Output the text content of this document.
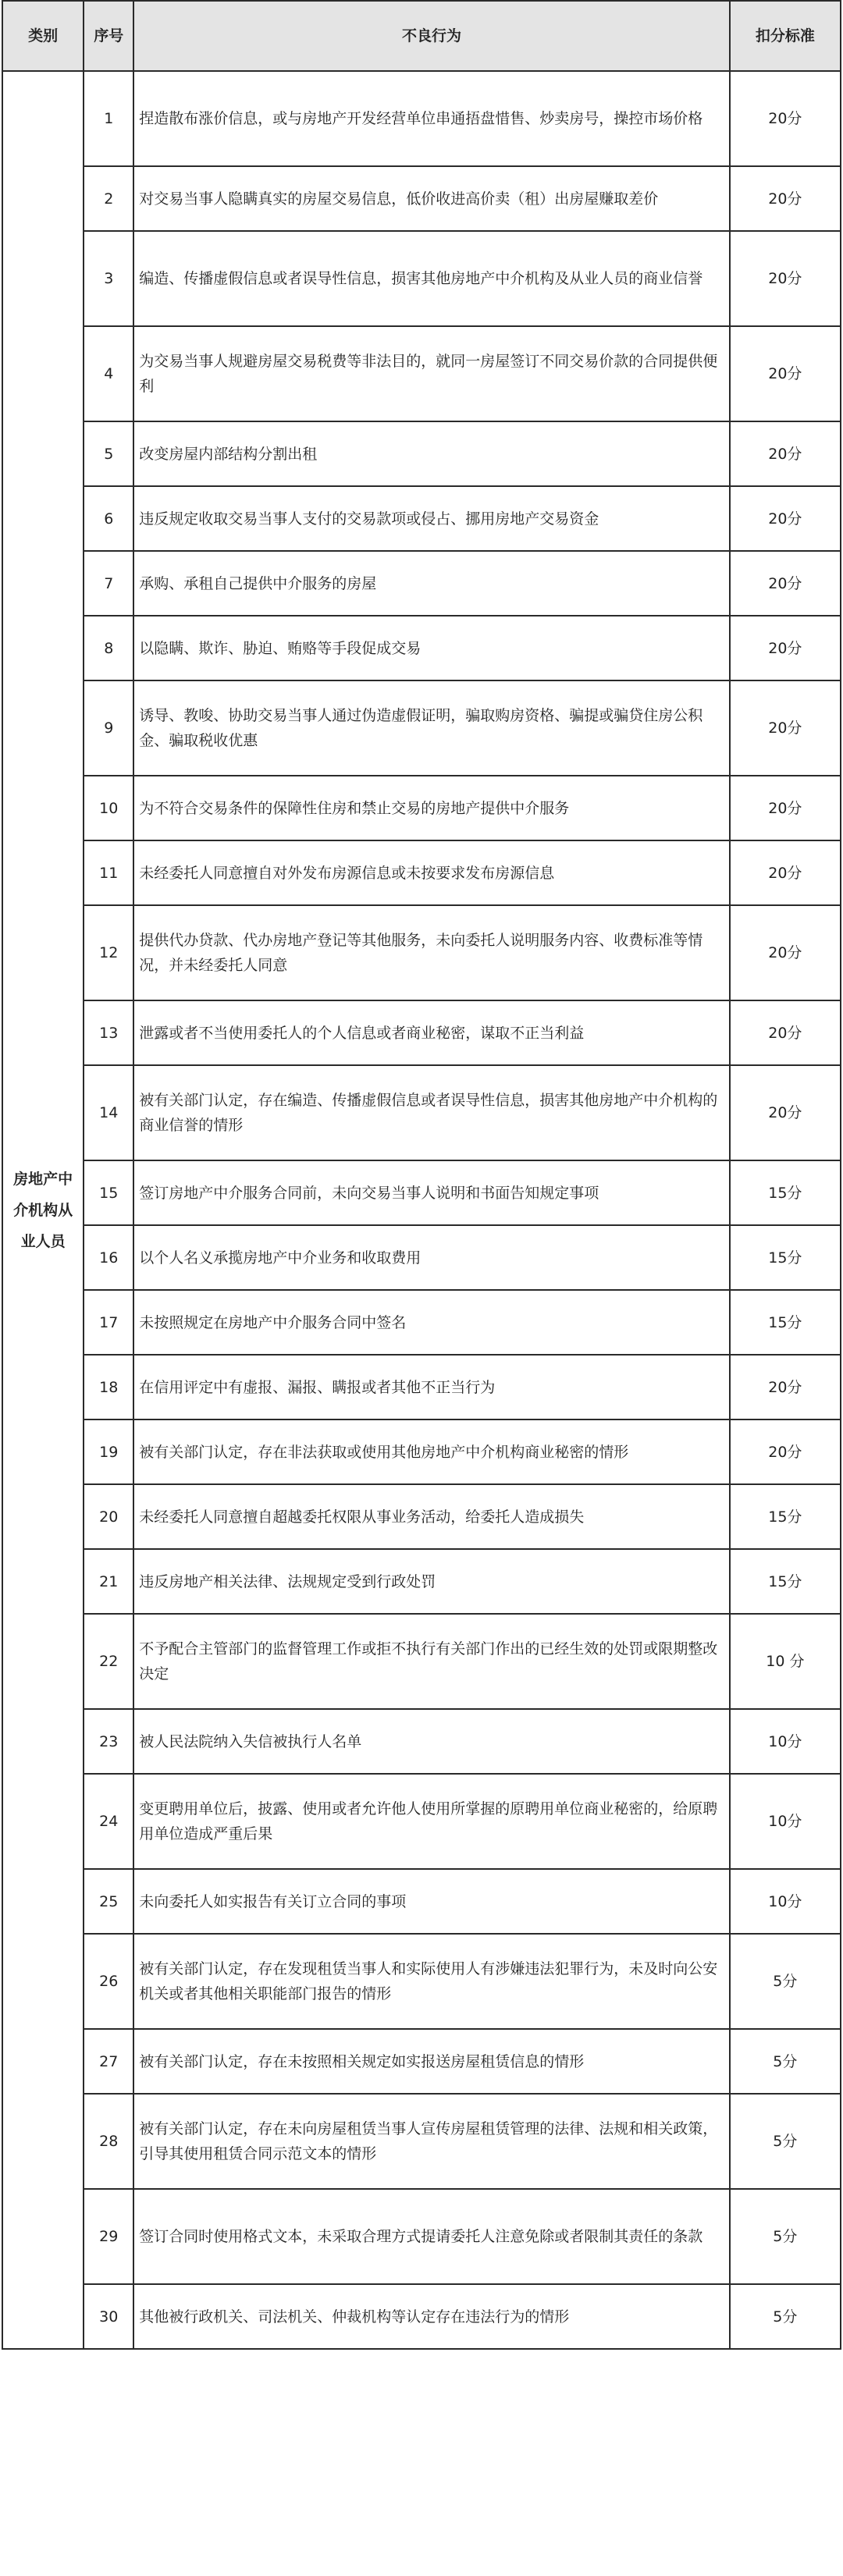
类别	序号	不良行为	扣分标准
房地产中介机构从业人员	1	捏造散布涨价信息，或与房地产开发经营单位串通捂盘惜售、炒卖房号，操控市场价格	20分
	2	对交易当事人隐瞒真实的房屋交易信息，低价收进高价卖（租）出房屋赚取差价	20分
	3	编造、传播虚假信息或者误导性信息，损害其他房地产中介机构及从业人员的商业信誉	20分
	4	为交易当事人规避房屋交易税费等非法目的，就同一房屋签订不同交易价款的合同提供便利	20分
	5	改变房屋内部结构分割出租	20分
	6	违反规定收取交易当事人支付的交易款项或侵占、挪用房地产交易资金	20分
	7	承购、承租自己提供中介服务的房屋	20分
	8	以隐瞒、欺诈、胁迫、贿赂等手段促成交易	20分
	9	诱导、教唆、协助交易当事人通过伪造虚假证明，骗取购房资格、骗提或骗贷住房公积金、骗取税收优惠	20分
	10	为不符合交易条件的保障性住房和禁止交易的房地产提供中介服务	20分
	11	未经委托人同意擅自对外发布房源信息或未按要求发布房源信息	20分
	12	提供代办贷款、代办房地产登记等其他服务，未向委托人说明服务内容、收费标准等情况，并未经委托人同意	20分
	13	泄露或者不当使用委托人的个人信息或者商业秘密，谋取不正当利益	20分
	14	被有关部门认定，存在编造、传播虚假信息或者误导性信息，损害其他房地产中介机构的商业信誉的情形	20分
	15	签订房地产中介服务合同前，未向交易当事人说明和书面告知规定事项	15分
	16	以个人名义承揽房地产中介业务和收取费用	15分
	17	未按照规定在房地产中介服务合同中签名	15分
	18	在信用评定中有虚报、漏报、瞒报或者其他不正当行为	20分
	19	被有关部门认定，存在非法获取或使用其他房地产中介机构商业秘密的情形	20分
	20	未经委托人同意擅自超越委托权限从事业务活动，给委托人造成损失	15分
	21	违反房地产相关法律、法规规定受到行政处罚	15分
	22	不予配合主管部门的监督管理工作或拒不执行有关部门作出的已经生效的处罚或限期整改决定	10 分
	23	被人民法院纳入失信被执行人名单	10分
	24	变更聘用单位后，披露、使用或者允许他人使用所掌握的原聘用单位商业秘密的，给原聘用单位造成严重后果	10分
	25	未向委托人如实报告有关订立合同的事项	10分
	26	被有关部门认定，存在发现租赁当事人和实际使用人有涉嫌违法犯罪行为，未及时向公安机关或者其他相关职能部门报告的情形	5分
	27	被有关部门认定，存在未按照相关规定如实报送房屋租赁信息的情形	5分
	28	被有关部门认定，存在未向房屋租赁当事人宣传房屋租赁管理的法律、法规和相关政策，引导其使用租赁合同示范文本的情形	5分
	29	签订合同时使用格式文本，未采取合理方式提请委托人注意免除或者限制其责任的条款	5分
	30	其他被行政机关、司法机关、仲裁机构等认定存在违法行为的情形	5分
